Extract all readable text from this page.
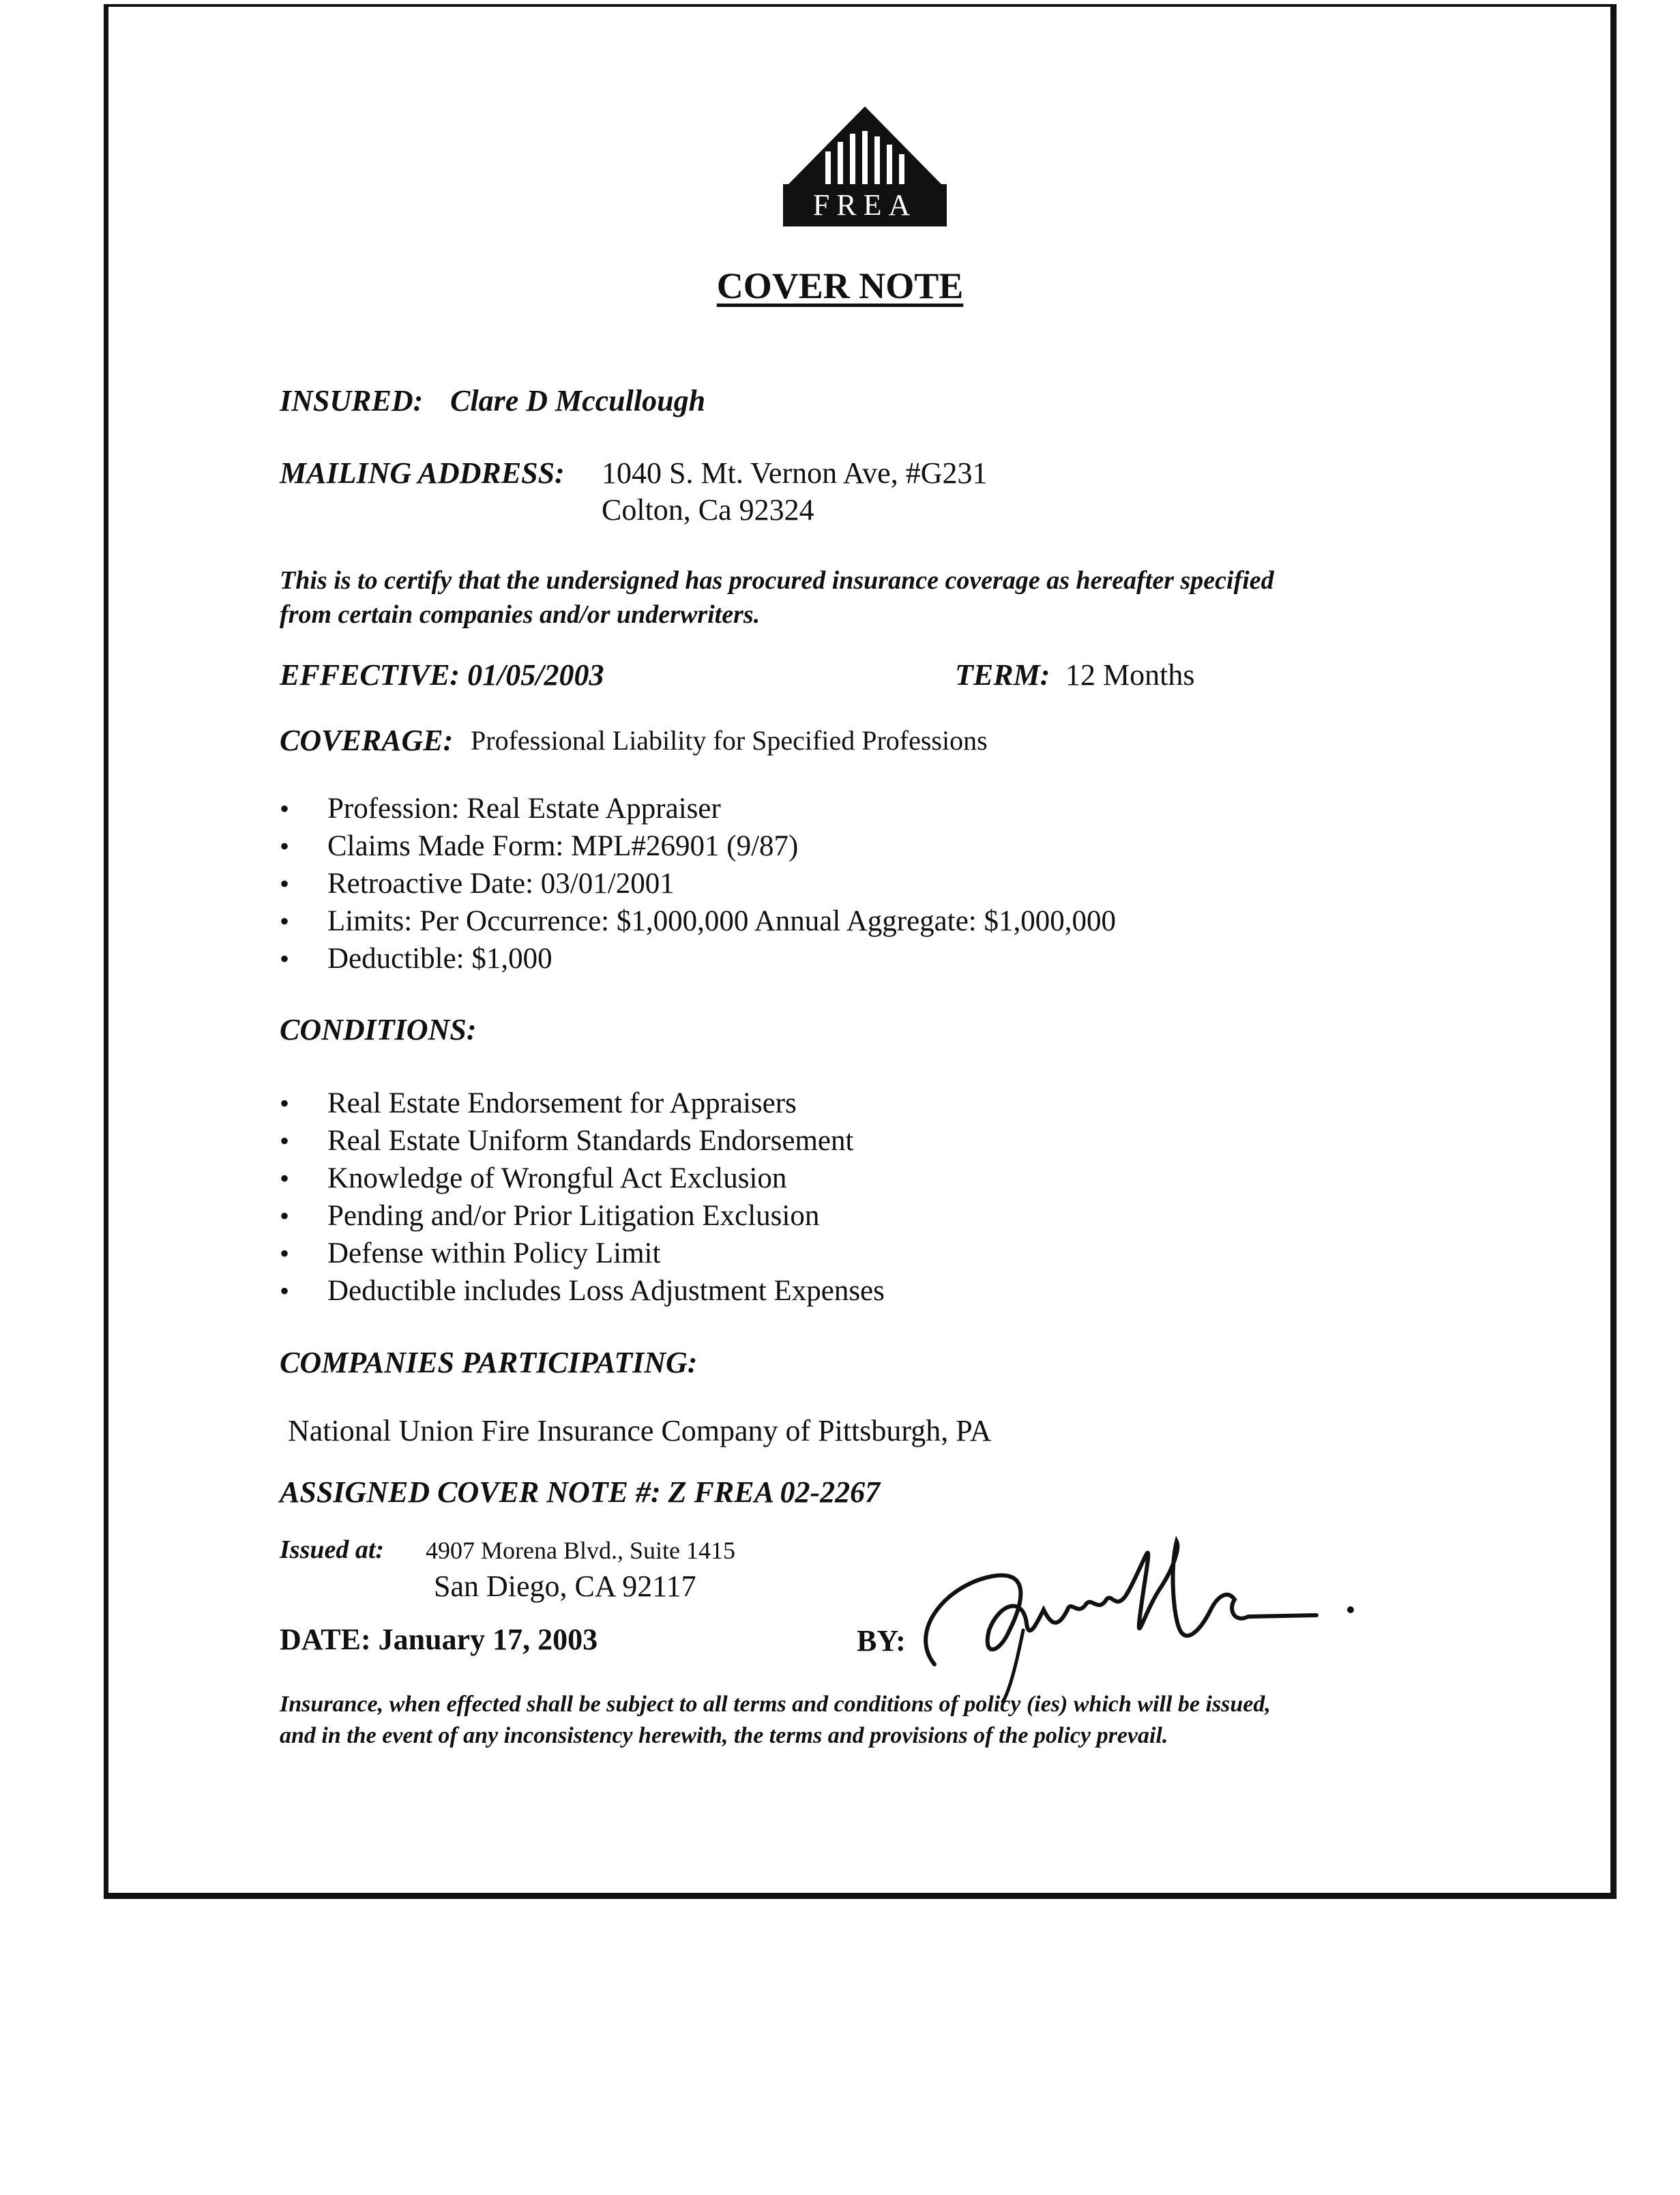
FREA
COVER NOTE
INSURED: Clare D Mccullough
MAILING ADDRESS: 1040 S. Mt. Vernon Ave, #G231
Colton, Ca 92324
This is to certify that the undersigned has procured insurance coverage as hereafter specified
from certain companies and/or underwriters.
EFFECTIVE: 01/05/2003	TERM: 12 Months
COVERAGE: Professional Liability for Specified Professions
• Profession: Real Estate Appraiser
• Claims Made Form: MPL#26901 (9/87)
• Retroactive Date: 03/01/2001
• Limits: Per Occurrence: $1,000,000 Annual Aggregate: $1,000,000
• Deductible: $1,000
CONDITIONS:
• Real Estate Endorsement for Appraisers
• Real Estate Uniform Standards Endorsement
• Knowledge of Wrongful Act Exclusion
• Pending and/or Prior Litigation Exclusion
• Defense within Policy Limit
• Deductible includes Loss Adjustment Expenses
COMPANIES PARTICIPATING:
National Union Fire Insurance Company of Pittsburgh, PA
ASSIGNED COVER NOTE #: Z FREA 02-2267
Issued at: 4907 Morena Blvd., Suite 1415
San Diego, CA 92117
DATE: January 17, 2003	BY:
Insurance, when effected shall be subject to all terms and conditions of policy (ies) which will be issued,
and in the event of any inconsistency herewith, the terms and provisions of the policy prevail.
